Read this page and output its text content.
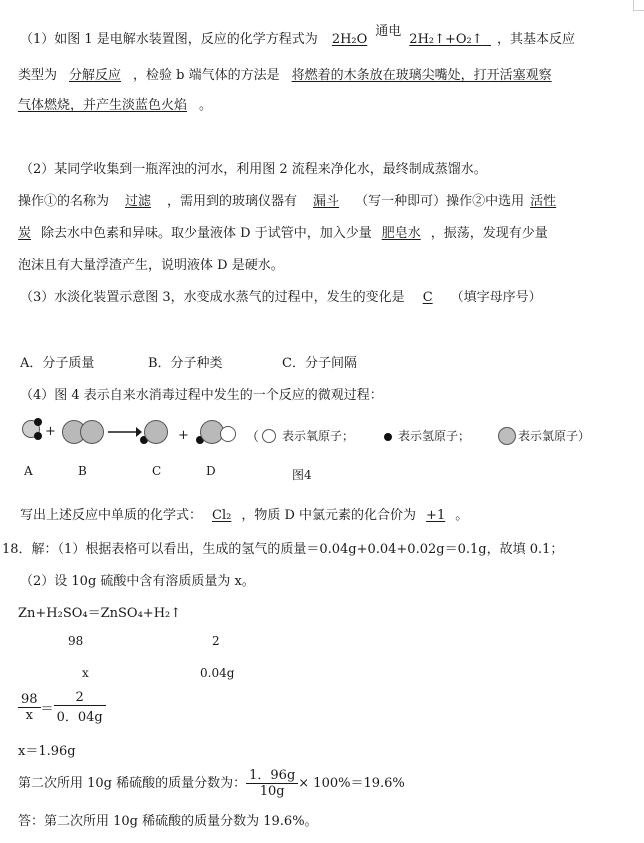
（1）如图 1 是电解水装置图，反应的化学方程式为 2H₂O
通电
2H₂↑+O₂↑ ，其基本反应
类型为 分解反应 ，检验 b 端气体的方法是 将燃着的木条放在玻璃尖嘴处，打开活塞观察
气体燃烧，并产生淡蓝色火焰 。
（2）某同学收集到一瓶浑浊的河水，利用图 2 流程来净化水，最终制成蒸馏水。
操作①的名称为 过滤 ，需用到的玻璃仪器有 漏斗 （写一种即可）操作②中选用 活性
炭 除去水中色素和异味。取少量液体 D 于试管中，加入少量 肥皂水 ，振荡，发现有少量
泡沫且有大量浮渣产生，说明液体 D 是硬水。
（3）水淡化装置示意图 3，水变成水蒸气的过程中，发生的变化是 C （填字母序号）
A．分子质量	B．分子种类	C．分子间隔
（4）图 4 表示自来水消毒过程中发生的一个反应的微观过程：
+	+	（ 表示氧原子；	表示氢原子；	表示氯原子）
A	B	C	D	图4
写出上述反应中单质的化学式： Cl₂ ，物质 D 中氯元素的化合价为 +1 。
18．解：（1）根据表格可以看出，生成的氢气的质量＝0.04g+0.04+0.02g＝0.1g，故填 0.1；
（2）设 10g 硫酸中含有溶质质量为 x。
Zn+H₂SO₄＝ZnSO₄+H₂↑
98	2
x	0.04g
$\frac{98}{x} = \frac{2}{0.04g}$
x＝1.96g
第二次所用 10g 稀硫酸的质量分数为： $\frac{1.96g}{10g} \times 100\%=19.6\%$
答：第二次所用 10g 稀硫酸的质量分数为 19.6%。
